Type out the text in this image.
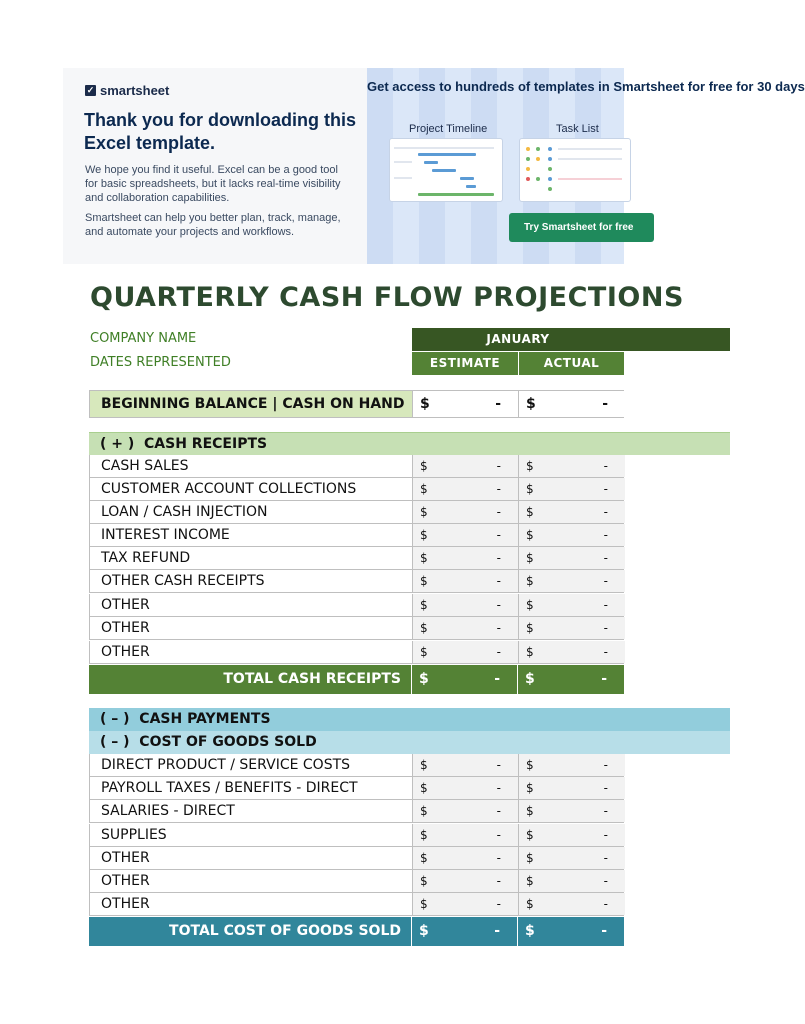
✓ smartsheet
Thank you for downloading this Excel template.

We hope you find it useful. Excel can be a good tool for basic spreadsheets, but it lacks real-time visibility and collaboration capabilities.

Smartsheet can help you better plan, track, manage, and automate your projects and workflows.

Get access to hundreds of templates in Smartsheet for free for 30 days
Project Timeline	Task List
Try Smartsheet for free
QUARTERLY CASH FLOW PROJECTIONS
COMPANY NAME
DATES REPRESENTED
JANUARY
ESTIMATE	ACTUAL
BEGINNING BALANCE | CASH ON HAND	$	- $	-
( + )  CASH RECEIPTS
CASH SALES	$	- $	-
CUSTOMER ACCOUNT COLLECTIONS	$	- $	-
LOAN / CASH INJECTION	$	- $	-
INTEREST INCOME	$	- $	-
TAX REFUND	$	- $	-
OTHER CASH RECEIPTS	$	- $	-
OTHER	$	- $	-
OTHER	$	- $	-
OTHER	$	- $	-
TOTAL CASH RECEIPTS	$	- $	-
( – )  CASH PAYMENTS
( – )  COST OF GOODS SOLD
DIRECT PRODUCT / SERVICE COSTS	$	- $	-
PAYROLL TAXES / BENEFITS - DIRECT	$	- $	-
SALARIES - DIRECT	$	- $	-
SUPPLIES	$	- $	-
OTHER	$	- $	-
OTHER	$	- $	-
OTHER	$	- $	-
TOTAL COST OF GOODS SOLD	$	- $	-
